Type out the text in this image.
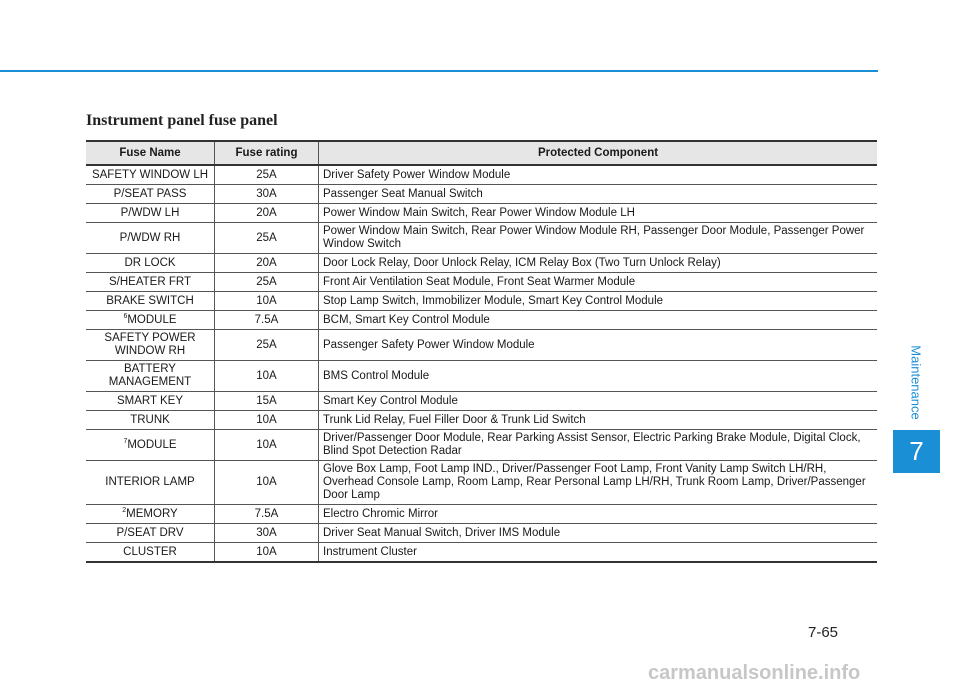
Instrument panel fuse panel
Fuse Name	Fuse rating	Protected Component
SAFETY WINDOW LH	25A	Driver Safety Power Window Module
P/SEAT PASS	30A	Passenger Seat Manual Switch
P/WDW LH	20A	Power Window Main Switch, Rear Power Window Module LH
P/WDW RH	25A	Power Window Main Switch, Rear Power Window Module RH, Passenger Door Module, Passenger Power Window Switch
DR LOCK	20A	Door Lock Relay, Door Unlock Relay, ICM Relay Box (Two Turn Unlock Relay)
S/HEATER FRT	25A	Front Air Ventilation Seat Module, Front Seat Warmer Module
BRAKE SWITCH	10A	Stop Lamp Switch, Immobilizer Module, Smart Key Control Module
$^6$MODULE	7.5A	BCM, Smart Key Control Module
SAFETY POWER WINDOW RH	25A	Passenger Safety Power Window Module
BATTERY MANAGEMENT	10A	BMS Control Module
SMART KEY	15A	Smart Key Control Module
TRUNK	10A	Trunk Lid Relay, Fuel Filler Door & Trunk Lid Switch
$^7$MODULE	10A	Driver/Passenger Door Module, Rear Parking Assist Sensor, Electric Parking Brake Module, Digital Clock, Blind Spot Detection Radar
INTERIOR LAMP	10A	Glove Box Lamp, Foot Lamp IND., Driver/Passenger Foot Lamp, Front Vanity Lamp Switch LH/RH, Overhead Console Lamp, Room Lamp, Rear Personal Lamp LH/RH, Trunk Room Lamp, Driver/Passenger Door Lamp
$^2$MEMORY	7.5A	Electro Chromic Mirror
P/SEAT DRV	30A	Driver Seat Manual Switch, Driver IMS Module
CLUSTER	10A	Instrument Cluster
Maintenance
7
7-65
carmanualsonline.info
